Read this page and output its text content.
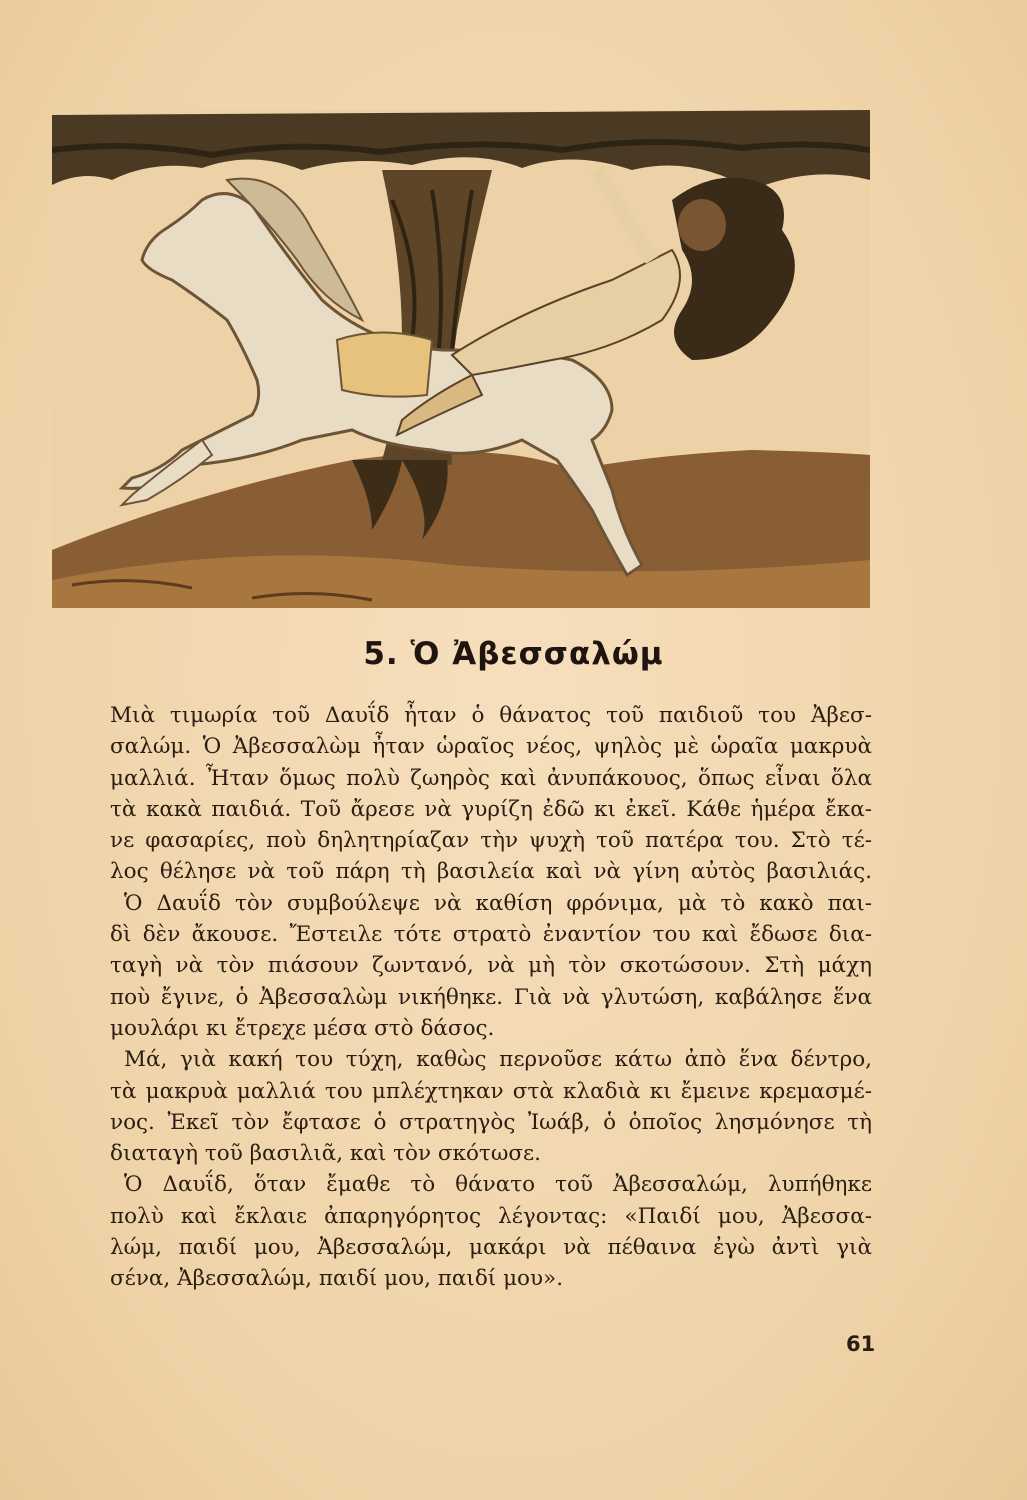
5. Ὁ Ἀβεσσαλώμ
Μιὰ τιμωρία τοῦ Δαυΐδ ἦταν ὁ θάνατος τοῦ παιδιοῦ του Ἀβεσ-
σαλώμ. Ὁ Ἀβεσσαλὼμ ἦταν ὡραῖος νέος, ψηλὸς μὲ ὡραῖα μακρυὰ
μαλλιά. Ἦταν ὅμως πολὺ ζωηρὸς καὶ ἀνυπάκουος, ὅπως εἶναι ὅλα
τὰ κακὰ παιδιά. Τοῦ ἄρεσε νὰ γυρίζη ἐδῶ κι ἐκεῖ. Κάθε ἡμέρα ἔκα-
νε φασαρίες, ποὺ δηλητηρίαζαν τὴν ψυχὴ τοῦ πατέρα του. Στὸ τέ-
λος θέλησε νὰ τοῦ πάρη τὴ βασιλεία καὶ νὰ γίνη αὐτὸς βασιλιάς.
Ὁ Δαυΐδ τὸν συμβούλεψε νὰ καθίση φρόνιμα, μὰ τὸ κακὸ παι-
δὶ δὲν ἄκουσε. Ἔστειλε τότε στρατὸ ἐναντίον του καὶ ἔδωσε δια-
ταγὴ νὰ τὸν πιάσουν ζωντανό, νὰ μὴ τὸν σκοτώσουν. Στὴ μάχη
ποὺ ἔγινε, ὁ Ἀβεσσαλὼμ νικήθηκε. Γιὰ νὰ γλυτώση, καβάλησε ἕνα
μουλάρι κι ἔτρεχε μέσα στὸ δάσος.
Μά, γιὰ κακή του τύχη, καθὼς περνοῦσε κάτω ἀπὸ ἕνα δέντρο,
τὰ μακρυὰ μαλλιά του μπλέχτηκαν στὰ κλαδιὰ κι ἔμεινε κρεμασμέ-
νος. Ἐκεῖ τὸν ἔφτασε ὁ στρατηγὸς Ἰωάβ, ὁ ὁποῖος λησμόνησε τὴ
διαταγὴ τοῦ βασιλιᾶ, καὶ τὸν σκότωσε.
Ὁ Δαυΐδ, ὅταν ἔμαθε τὸ θάνατο τοῦ Ἀβεσσαλώμ, λυπήθηκε
πολὺ καὶ ἔκλαιε ἀπαρηγόρητος λέγοντας: «Παιδί μου, Ἀβεσσα-
λώμ, παιδί μου, Ἀβεσσαλώμ, μακάρι νὰ πέθαινα ἐγὼ ἀντὶ γιὰ
σένα, Ἀβεσσαλώμ, παιδί μου, παιδί μου».
61
